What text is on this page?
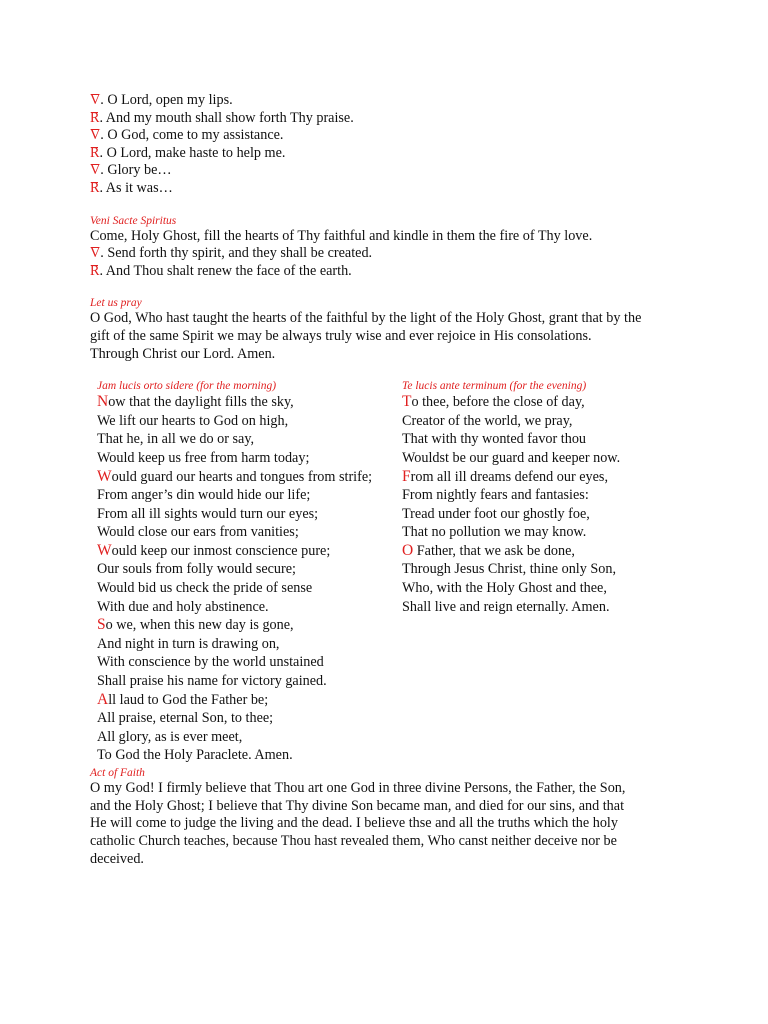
V. O Lord, open my lips.
R. And my mouth shall show forth Thy praise.
V. O God, come to my assistance.
R. O Lord, make haste to help me.
V. Glory be…
R. As it was…
Veni Sacte Spiritus
Come, Holy Ghost, fill the hearts of Thy faithful and kindle in them the fire of Thy love.
V. Send forth thy spirit, and they shall be created.
R. And Thou shalt renew the face of the earth.
Let us pray
O God, Who hast taught the hearts of the faithful by the light of the Holy Ghost, grant that by the
gift of the same Spirit we may be always truly wise and ever rejoice in His consolations.
Through Christ our Lord. Amen.
Jam lucis orto sidere (for the morning)
Now that the daylight fills the sky,
We lift our hearts to God on high,
That he, in all we do or say,
Would keep us free from harm today;
Would guard our hearts and tongues from strife;
From anger’s din would hide our life;
From all ill sights would turn our eyes;
Would close our ears from vanities;
Would keep our inmost conscience pure;
Our souls from folly would secure;
Would bid us check the pride of sense
With due and holy abstinence.
So we, when this new day is gone,
And night in turn is drawing on,
With conscience by the world unstained
Shall praise his name for victory gained.
All laud to God the Father be;
All praise, eternal Son, to thee;
All glory, as is ever meet,
To God the Holy Paraclete. Amen.
Te lucis ante terminum (for the evening)
To thee, before the close of day,
Creator of the world, we pray,
That with thy wonted favor thou
Wouldst be our guard and keeper now.
From all ill dreams defend our eyes,
From nightly fears and fantasies:
Tread under foot our ghostly foe,
That no pollution we may know.
O Father, that we ask be done,
Through Jesus Christ, thine only Son,
Who, with the Holy Ghost and thee,
Shall live and reign eternally. Amen.
Act of Faith
O my God! I firmly believe that Thou art one God in three divine Persons, the Father, the Son,
and the Holy Ghost; I believe that Thy divine Son became man, and died for our sins, and that
He will come to judge the living and the dead. I believe thse and all the truths which the holy
catholic Church teaches, because Thou hast revealed them, Who canst neither deceive nor be
deceived.
